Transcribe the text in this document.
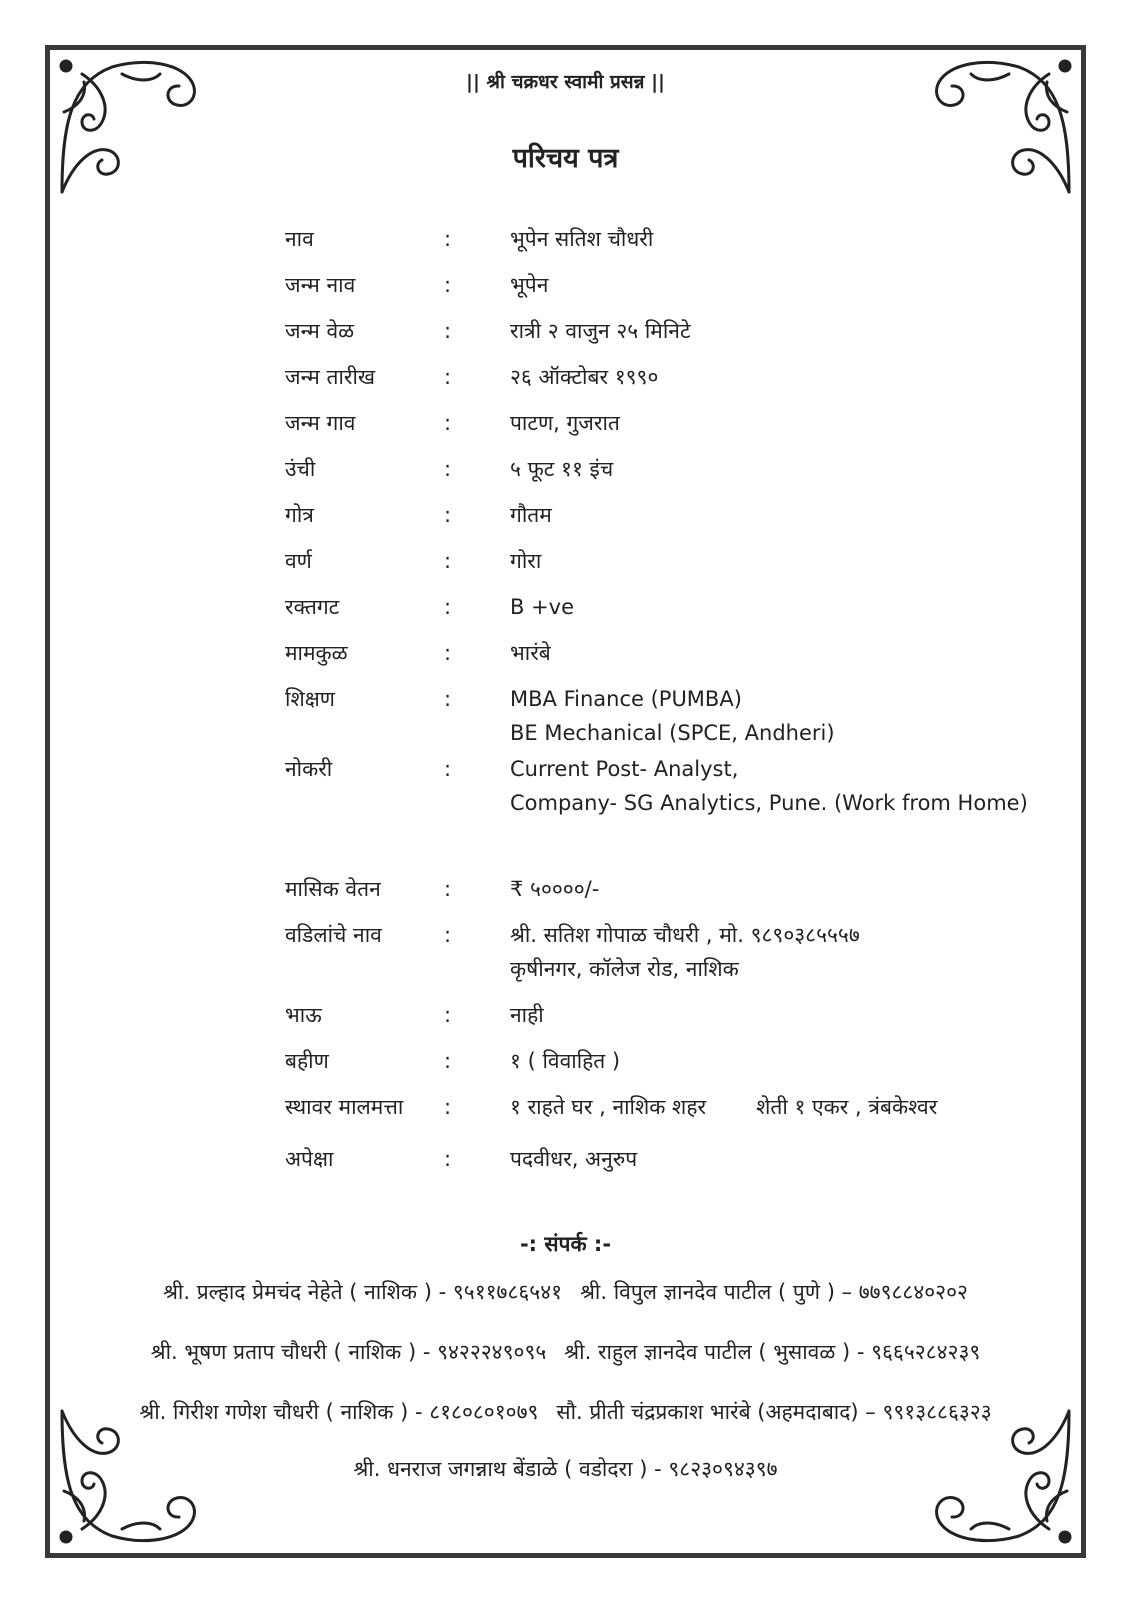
|| श्री चक्रधर स्वामी प्रसन्न ||
परिचय पत्र
नाव	:	भूपेन सतिश चौधरी
जन्म नाव	:	भूपेन
जन्म वेळ	:	रात्री २ वाजुन २५ मिनिटे
जन्म तारीख	:	२६ ऑक्टोबर १९९०
जन्म गाव	:	पाटण, गुजरात
उंची	:	५ फूट ११ इंच
गोत्र	:	गौतम
वर्ण	:	गोरा
रक्तगट	:	B +ve
मामकुळ	:	भारंबे
शिक्षण	:	MBA Finance (PUMBA)
BE Mechanical (SPCE, Andheri)
नोकरी	:	Current Post- Analyst,
Company- SG Analytics, Pune. (Work from Home)
मासिक वेतन	:	₹ ५००००/-
वडिलांचे नाव	:	श्री. सतिश गोपाळ चौधरी , मो. ९८९०३८५५५७
कृषीनगर, कॉलेज रोड, नाशिक
भाऊ	:	नाही
बहीण	:	१ ( विवाहित )
स्थावर मालमत्ता :	१ राहते घर , नाशिक शहर शेती १ एकर , त्रंबकेश्वर
अपेक्षा	:	पदवीधर, अनुरुप
-: संपर्क :-
श्री. प्रल्हाद प्रेमचंद नेहेते ( नाशिक ) - ९५११७८६५४१ श्री. विपुल ज्ञानदेव पाटील ( पुणे ) – ७७९८८४०२०२
श्री. भूषण प्रताप चौधरी ( नाशिक ) - ९४२२२४९०९५ श्री. राहुल ज्ञानदेव पाटील ( भुसावळ ) - ९६६५२८४२३९
श्री. गिरीश गणेश चौधरी ( नाशिक ) - ८१८०८०१०७९ सौ. प्रीती चंद्रप्रकाश भारंबे (अहमदाबाद) – ९९१३८८६३२३
श्री. धनराज जगन्नाथ बेंडाळे ( वडोदरा ) - ९८२३०९४३९७
